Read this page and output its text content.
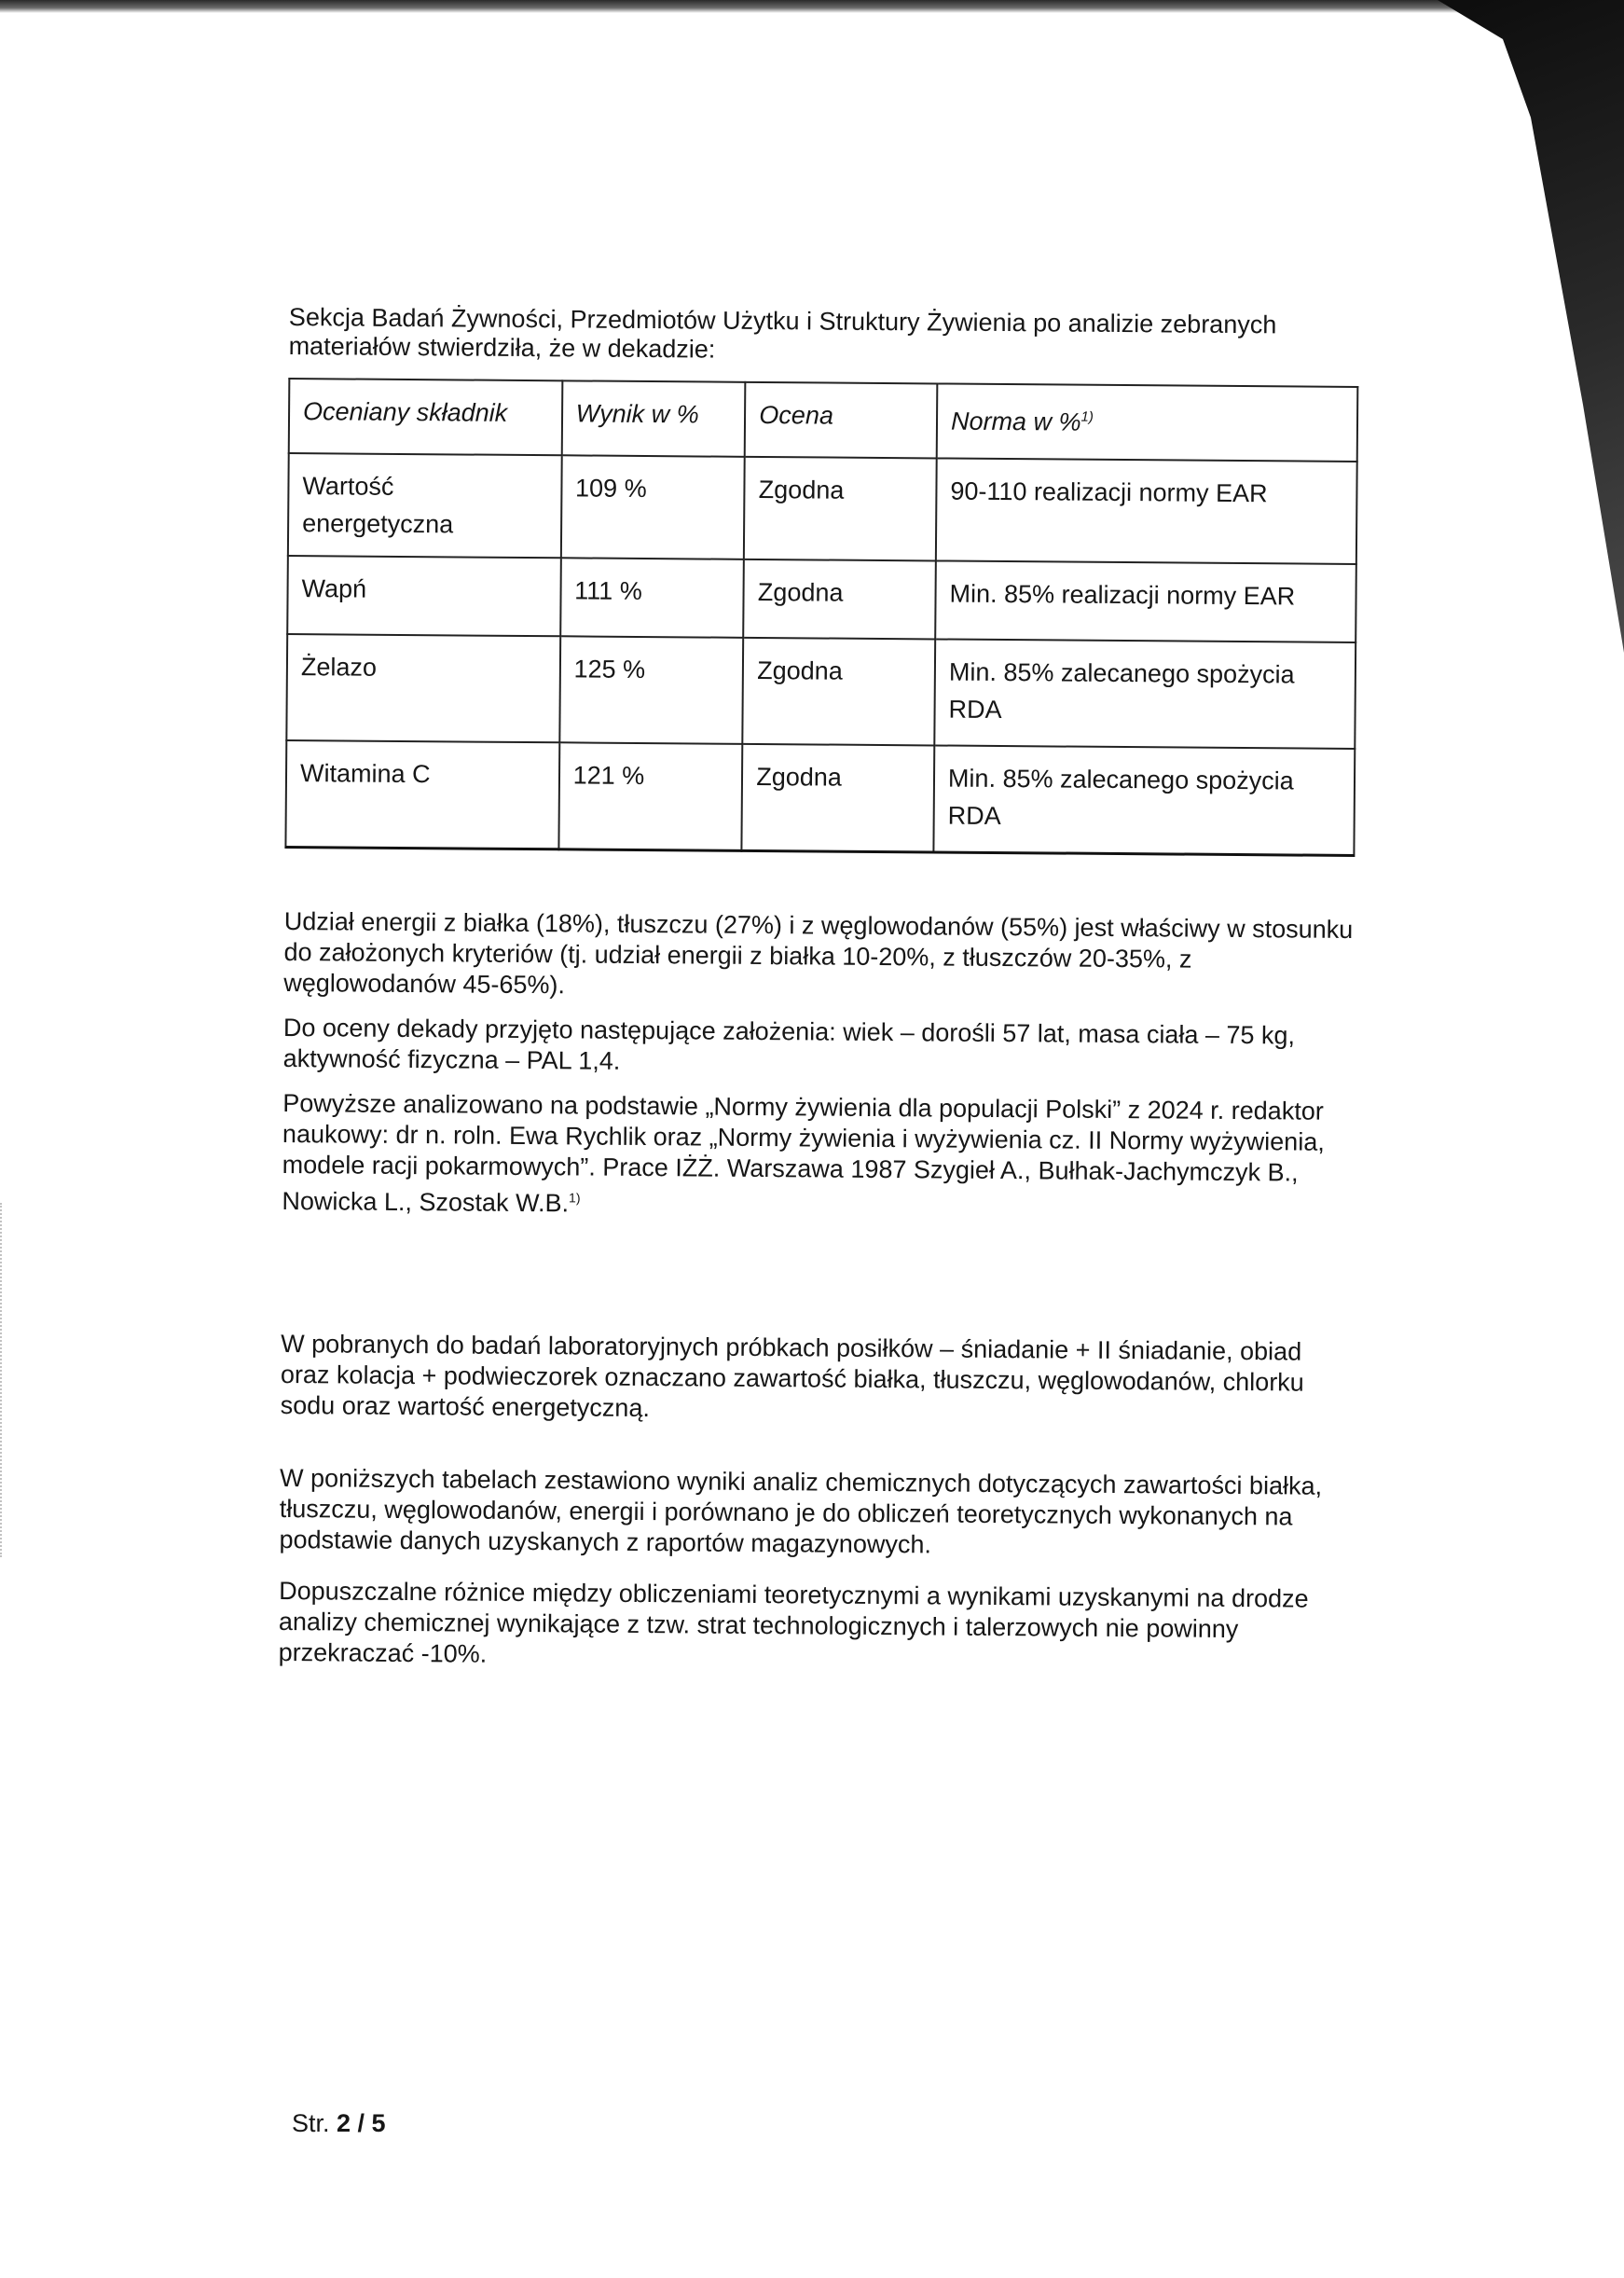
Sekcja Badań Żywności, Przedmiotów Użytku i Struktury Żywienia po analizie zebranych materiałów stwierdziła, że w dekadzie:

Oceniany składnik	Wynik w %	Ocena	Norma w %$^{1)}$
Wartość energetyczna	109 %	Zgodna	90-110 realizacji normy EAR
Wapń	111 %	Zgodna	Min. 85% realizacji normy EAR
Żelazo	125 %	Zgodna	Min. 85% zalecanego spożycia RDA
Witamina C	121 %	Zgodna	Min. 85% zalecanego spożycia RDA

Udział energii z białka (18%), tłuszczu (27%) i z węglowodanów (55%) jest właściwy w stosunku do założonych kryteriów (tj. udział energii z białka 10-20%, z tłuszczów 20-35%, z węglowodanów 45-65%).

Do oceny dekady przyjęto następujące założenia: wiek – dorośli 57 lat, masa ciała – 75 kg, aktywność fizyczna – PAL 1,4.

Powyższe analizowano na podstawie „Normy żywienia dla populacji Polski” z 2024 r. redaktor naukowy: dr n. roln. Ewa Rychlik oraz „Normy żywienia i wyżywienia cz. II Normy wyżywienia, modele racji pokarmowych”. Prace IŻŻ. Warszawa 1987 Szygieł A., Bułhak-Jachymczyk B., Nowicka L., Szostak W.B.$^{1)}$

W pobranych do badań laboratoryjnych próbkach posiłków – śniadanie + II śniadanie, obiad oraz kolacja + podwieczorek oznaczano zawartość białka, tłuszczu, węglowodanów, chlorku sodu oraz wartość energetyczną.

W poniższych tabelach zestawiono wyniki analiz chemicznych dotyczących zawartości białka, tłuszczu, węglowodanów, energii i porównano je do obliczeń teoretycznych wykonanych na podstawie danych uzyskanych z raportów magazynowych.

Dopuszczalne różnice między obliczeniami teoretycznymi a wynikami uzyskanymi na drodze analizy chemicznej wynikające z tzw. strat technologicznych i talerzowych nie powinny przekraczać -10%.

Str. 2 / 5
